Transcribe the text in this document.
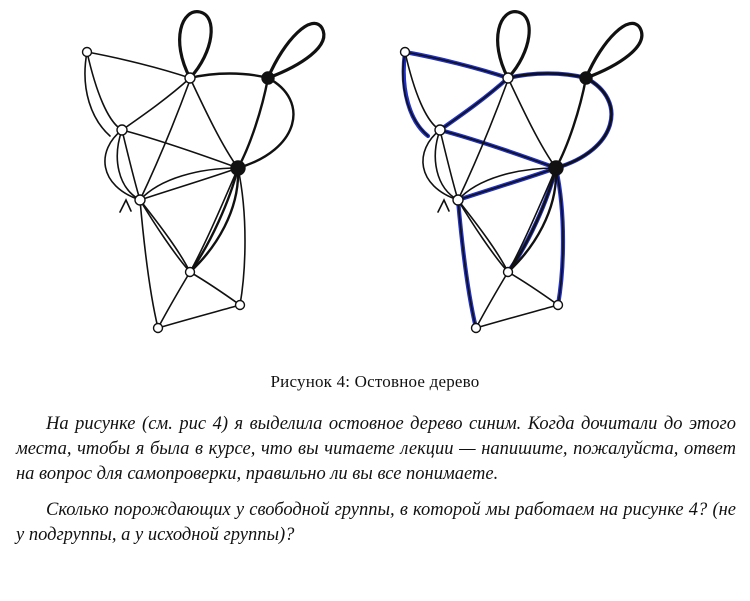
Рисунок 4: Остовное дерево

На рисунке (см. рис 4) я выделила остовное дерево синим. Когда дочитали до этого места, чтобы я была в курсе, что вы читаете лекции — напишите, пожалуйста, ответ на вопрос для самопроверки, правильно ли вы все понимаете.

Сколько порождающих у свободной группы, в которой мы работаем на рисунке 4? (не у подгруппы, а у исходной группы)?
